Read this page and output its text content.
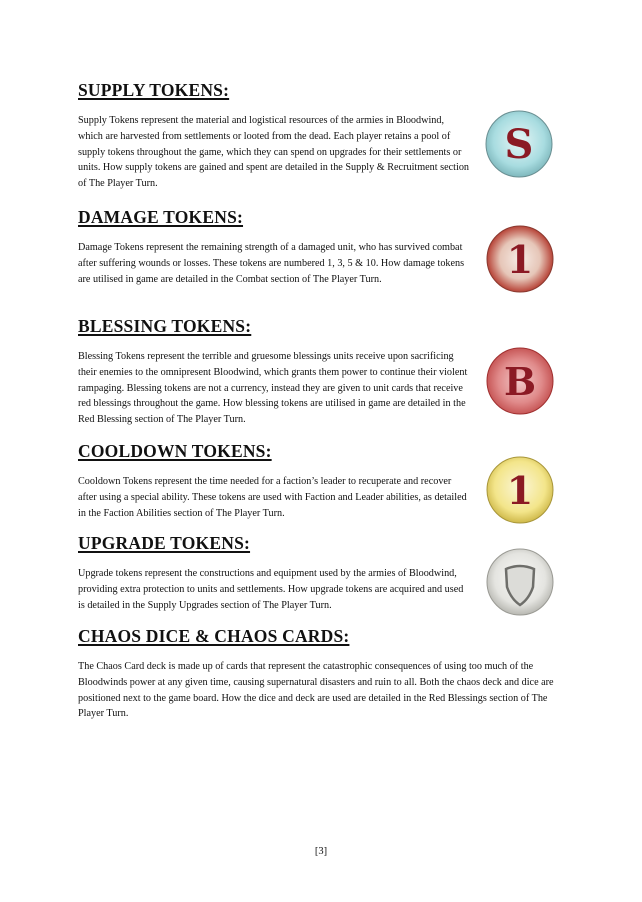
SUPPLY TOKENS:

Supply Tokens represent the material and logistical resources of the armies in Bloodwind, which are harvested from settlements or looted from the dead. Each player retains a pool of supply tokens throughout the game, which they can spend on upgrades for their settlements or units. How supply tokens are gained and spent are detailed in the Supply & Recruitment section of The Player Turn.

S
DAMAGE TOKENS:

Damage Tokens represent the remaining strength of a damaged unit, who has survived combat after suffering wounds or losses. These tokens are numbered 1, 3, 5 & 10. How damage tokens are utilised in game are detailed in the Combat section of The Player Turn.	1
BLESSING TOKENS:

Blessing Tokens represent the terrible and gruesome blessings units receive upon sacrificing their enemies to the omnipresent Bloodwind, which grants them power to continue their violent rampaging. Blessing tokens are not a currency, instead they are given to unit cards that receive red blessings throughout the game. How blessing tokens are utilised in game are detailed in the Red Blessing section of The Player Turn.

B
COOLDOWN TOKENS:

Cooldown Tokens represent the time needed for a faction’s leader to recuperate and recover after using a special ability. These tokens are used with Faction and Leader abilities, as detailed in the Faction Abilities section of The Player Turn.

1
UPGRADE TOKENS:

Upgrade tokens represent the constructions and equipment used by the armies of Bloodwind, providing extra protection to units and settlements. How upgrade tokens are acquired and used is detailed in the Supply Upgrades section of The Player Turn.

CHAOS DICE & CHAOS CARDS:

The Chaos Card deck is made up of cards that represent the catastrophic consequences of using too much of the Bloodwinds power at any given time, causing supernatural disasters and ruin to all. Both the chaos deck and dice are positioned next to the game board. How the dice and deck are used are detailed in the Red Blessings section of The Player Turn.

[3]
